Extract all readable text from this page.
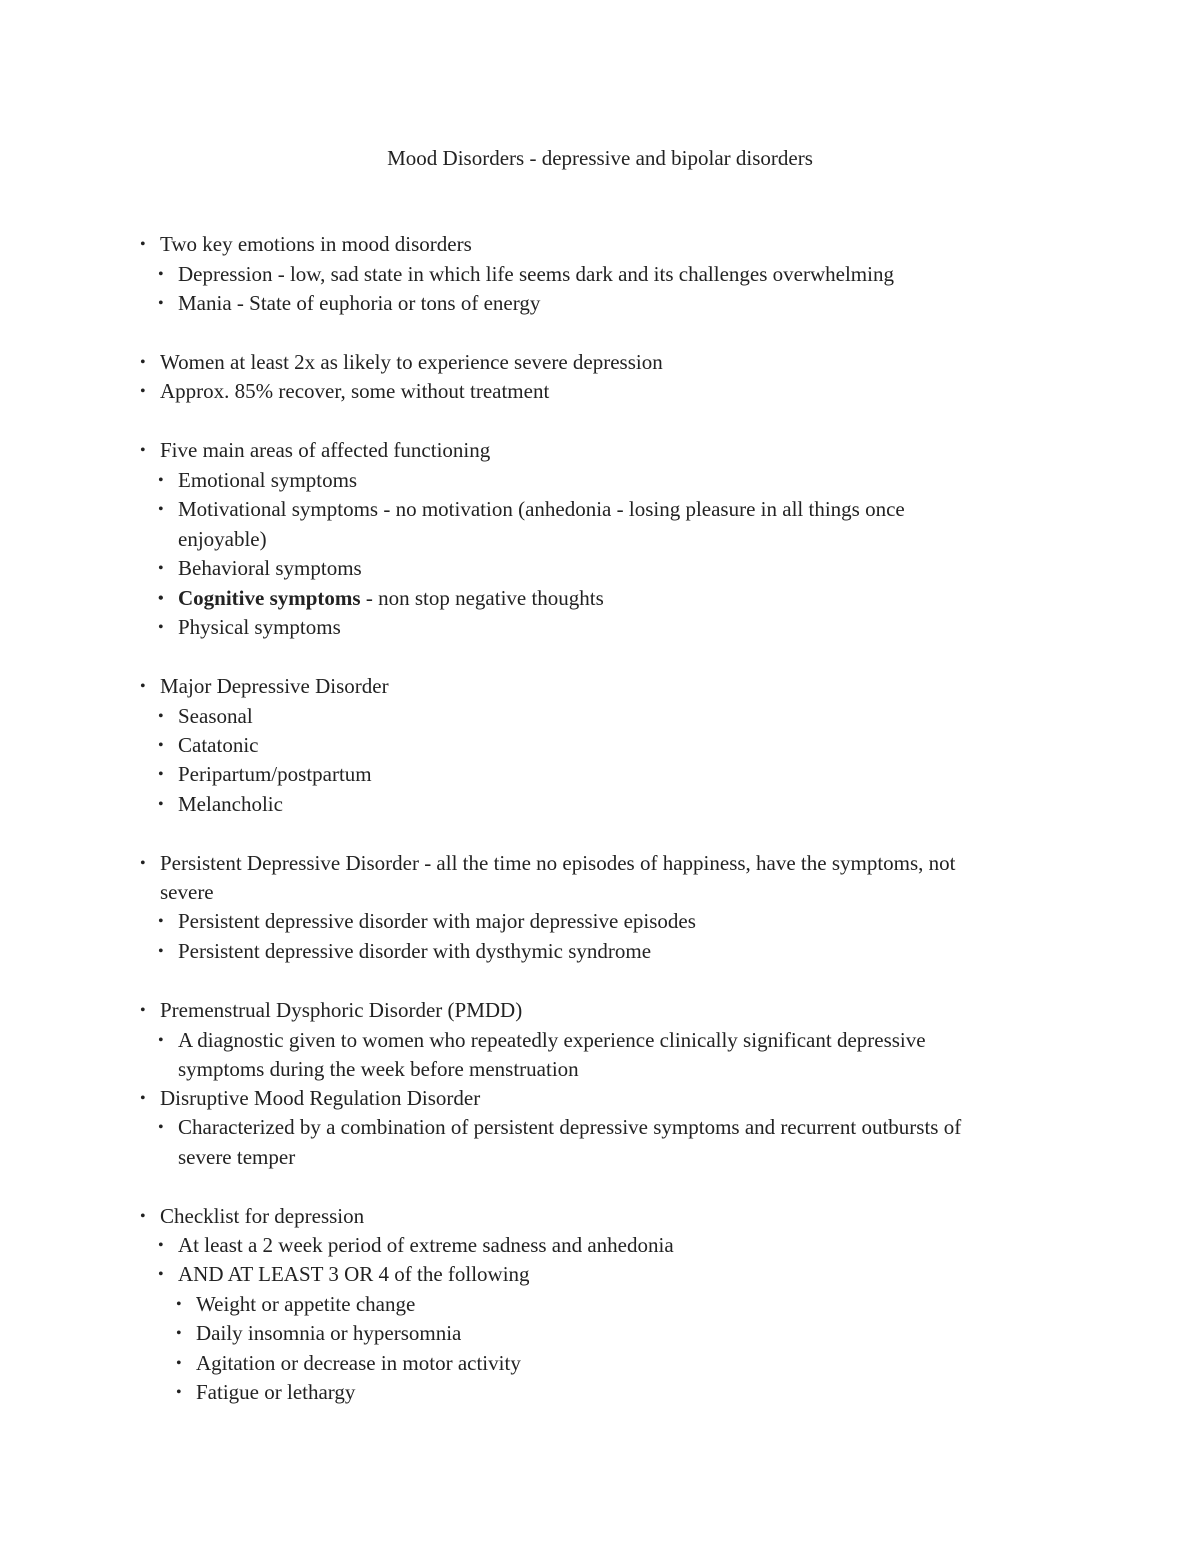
Mood Disorders - depressive and bipolar disorders
• Two key emotions in mood disorders
• Depression - low, sad state in which life seems dark and its challenges overwhelming
• Mania - State of euphoria or tons of energy
• Women at least 2x as likely to experience severe depression
• Approx. 85% recover, some without treatment
• Five main areas of affected functioning
• Emotional symptoms
• Motivational symptoms - no motivation (anhedonia - losing pleasure in all things once
enjoyable)
• Behavioral symptoms
• Cognitive symptoms - non stop negative thoughts
• Physical symptoms
• Major Depressive Disorder
• Seasonal
• Catatonic
• Peripartum/postpartum
• Melancholic
• Persistent Depressive Disorder - all the time no episodes of happiness, have the symptoms, not
severe
• Persistent depressive disorder with major depressive episodes
• Persistent depressive disorder with dysthymic syndrome
• Premenstrual Dysphoric Disorder (PMDD)
• A diagnostic given to women who repeatedly experience clinically significant depressive
symptoms during the week before menstruation
• Disruptive Mood Regulation Disorder
• Characterized by a combination of persistent depressive symptoms and recurrent outbursts of
severe temper
• Checklist for depression
• At least a 2 week period of extreme sadness and anhedonia
• AND AT LEAST 3 OR 4 of the following
• Weight or appetite change
• Daily insomnia or hypersomnia
• Agitation or decrease in motor activity
• Fatigue or lethargy
